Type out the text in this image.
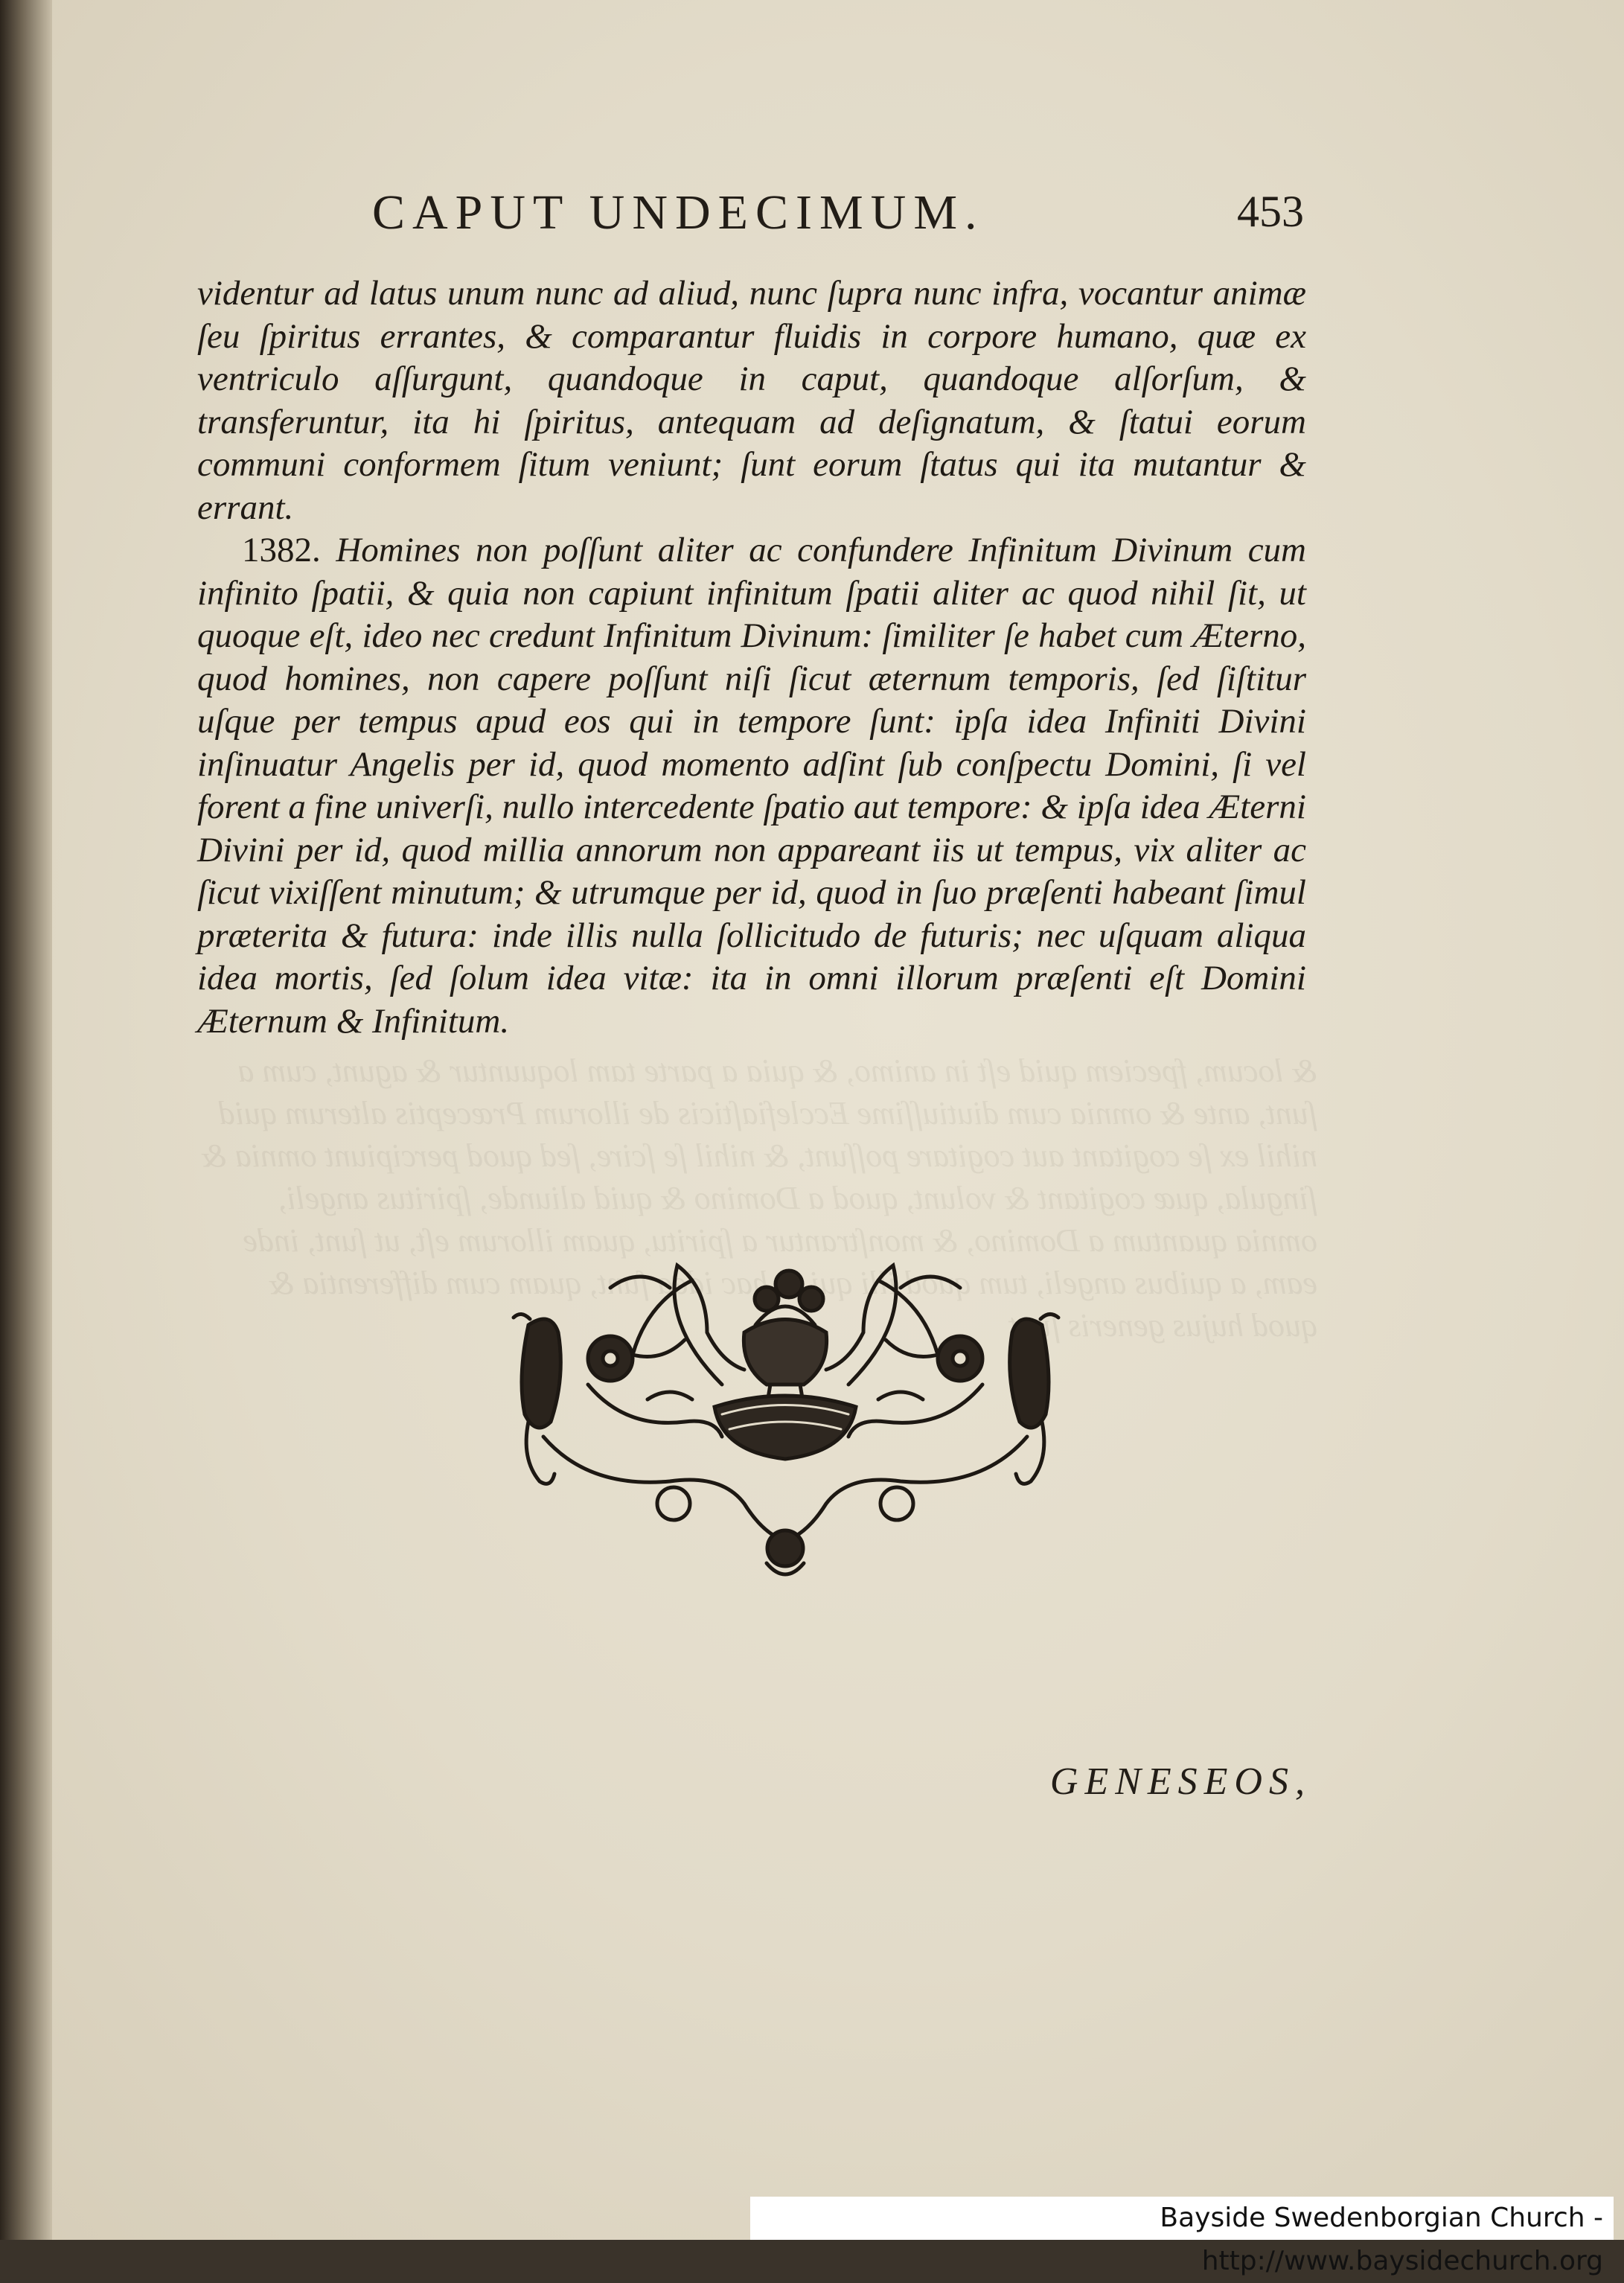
& locum, fpeciem quid eſt in animo, & quia a parte tam loquuntur & agunt, cum a ſunt, ante & omnia cum diutiuſſime Ecclefiaſticis de illorum Præceptis alterum quid nihil ex ſe cogitant aut cogitare poſſunt, & nihil ſe ſcire, ſed quod percipiunt omnia & ſingula, quæ cogitant & volunt, quod a Domino & quid aliunde, ſpiritus angeli, omnia quantum a Domino, & monſtrantur a ſpiritu, quam illorum eſt, ut ſunt, inde eam, a quibus angeli, tum quod illi qui hac idea ſunt, quam cum differentia & quod hujus generis
CAPUT UNDECIMUM.	453

videntur ad latus unum nunc ad aliud, nunc ſupra nunc infra, vocantur animæ ſeu ſpiritus errantes, & comparantur fluidis in corpore humano, quæ ex ventriculo aſſurgunt, quandoque in caput, quandoque alſorſum, & transferuntur, ita hi ſpiritus, antequam ad deſignatum, & ſtatui eorum communi conformem ſitum veniunt; ſunt eorum ſtatus qui ita mutantur & errant.

1382. Homines non poſſunt aliter ac confundere Infinitum Divinum cum infinito ſpatii, & quia non capiunt infinitum ſpatii aliter ac quod nihil ſit, ut quoque eſt, ideo nec credunt Infinitum Divinum: ſimiliter ſe habet cum Æterno, quod homines, non capere poſſunt niſi ſicut æternum temporis, ſed ſiſtitur uſque per tempus apud eos qui in tempore ſunt: ipſa idea Infiniti Divini inſinuatur Angelis per id, quod momento adſint ſub conſpectu Domini, ſi vel forent a fine univerſi, nullo intercedente ſpatio aut tempore: & ipſa idea Æterni Divini per id, quod millia annorum non appareant iis ut tempus, vix aliter ac ſicut vixiſſent minutum; & utrumque per id, quod in ſuo præſenti habeant ſimul præterita & futura: inde illis nulla ſollicitudo de futuris; nec uſquam aliqua idea mortis, ſed ſolum idea vitæ: ita in omni illorum præſenti eſt Domini Æternum & Infinitum.

GENESEOS,
Bayside Swedenborgian Church - http://www.baysidechurch.org
